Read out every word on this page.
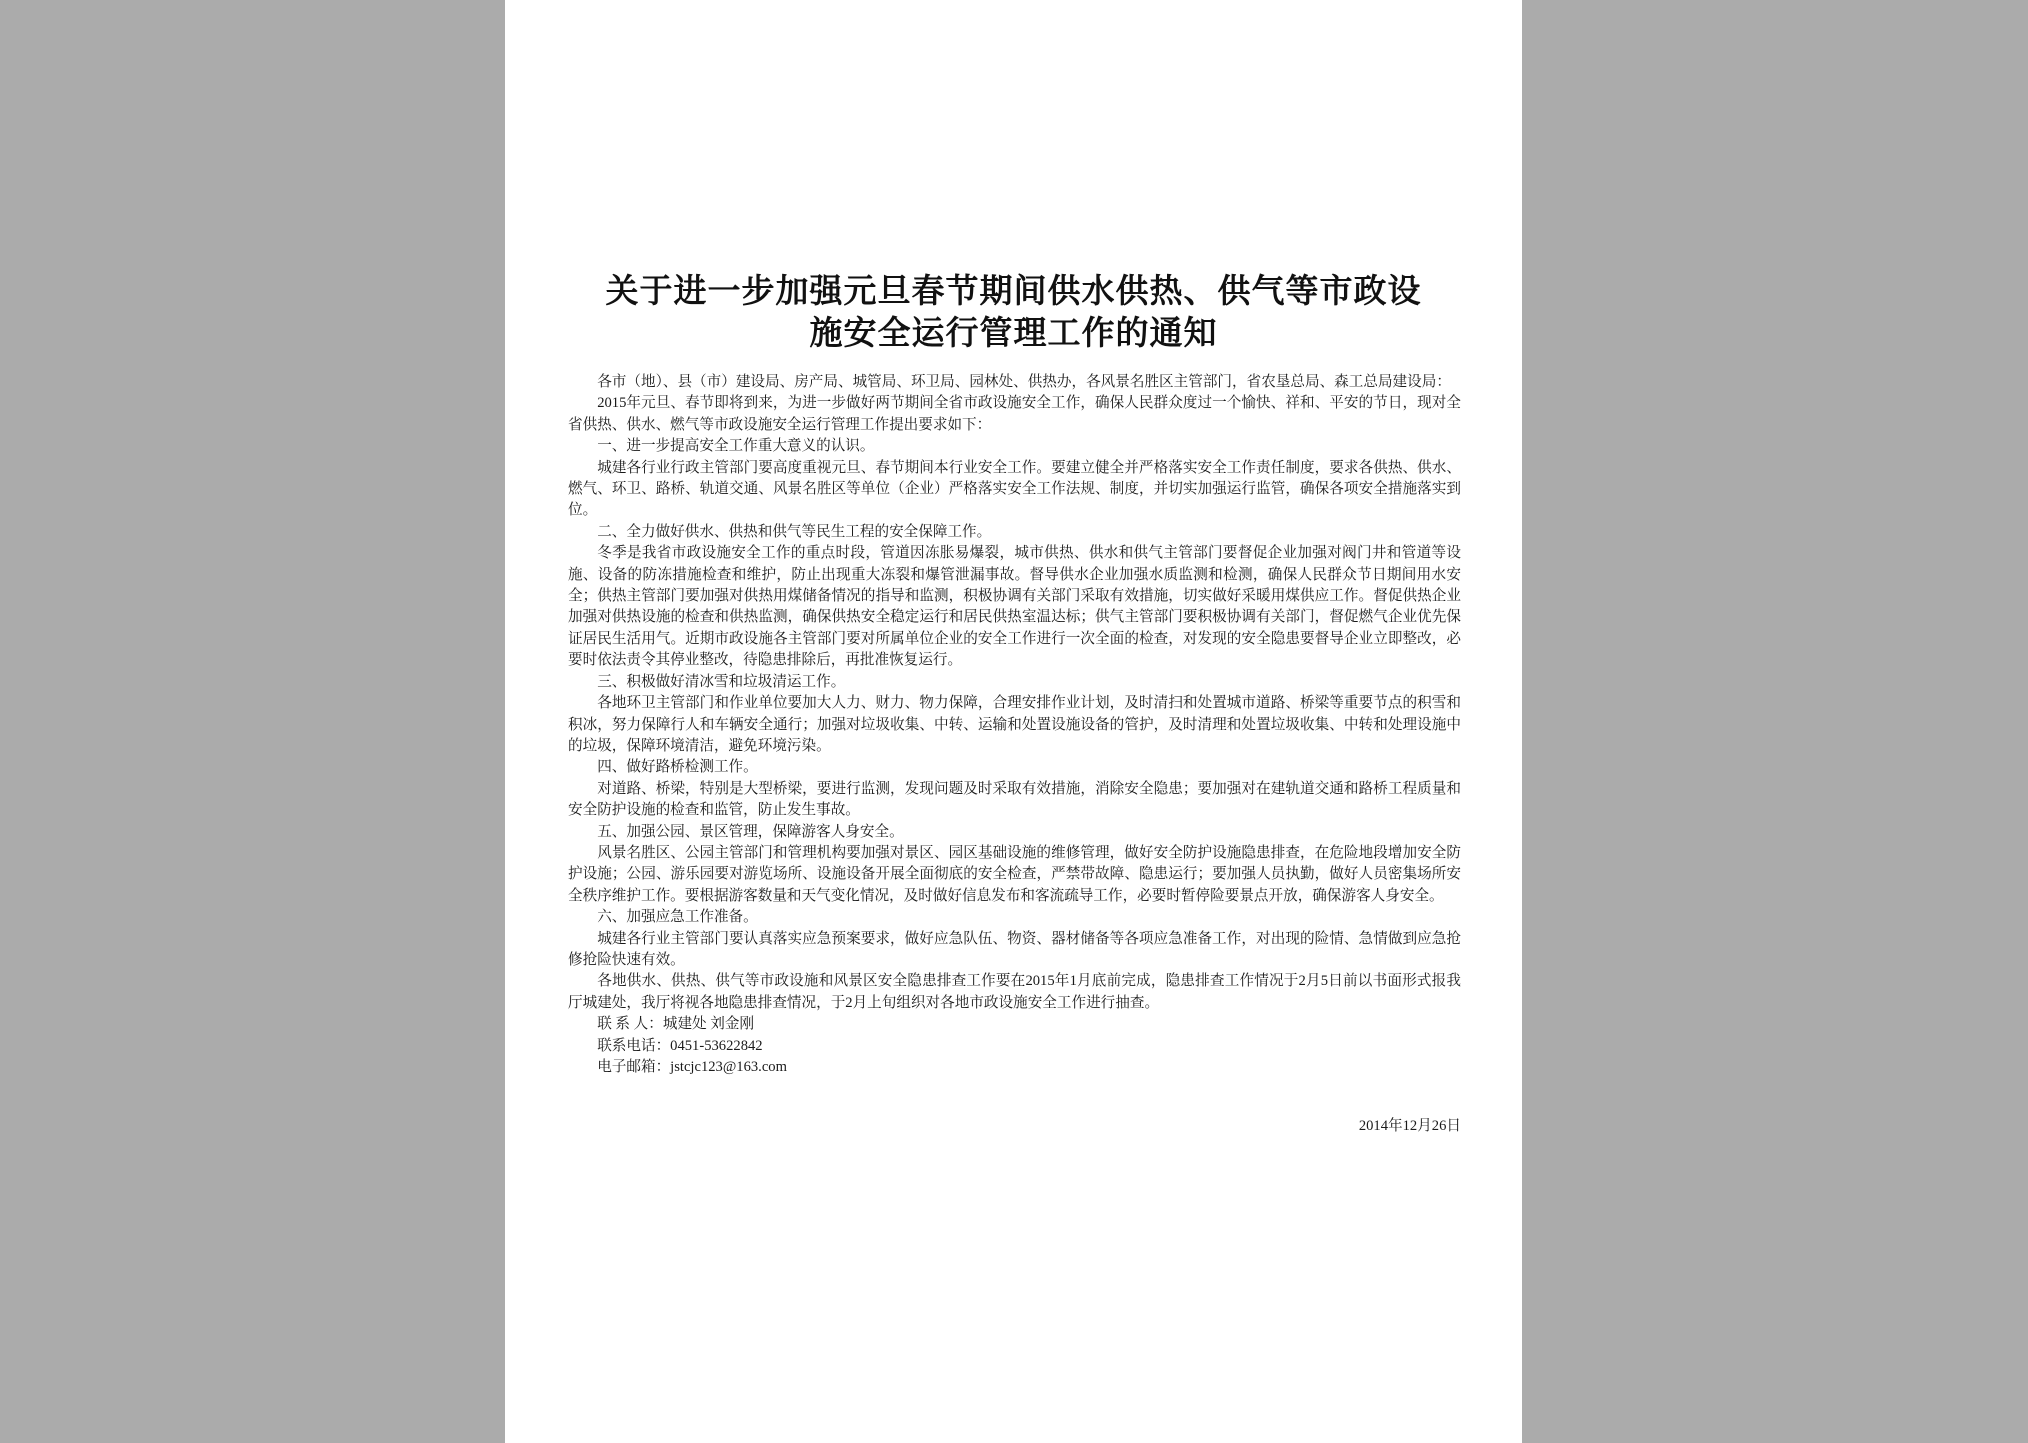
关于进一步加强元旦春节期间供水供热、供气等市政设
施安全运行管理工作的通知

各市（地）、县（市）建设局、房产局、城管局、环卫局、园林处、供热办，各风景名胜区主管部门，省农垦总局、森工总局建设局：

2015年元旦、春节即将到来，为进一步做好两节期间全省市政设施安全工作，确保人民群众度过一个愉快、祥和、平安的节日，现对全省供热、供水、燃气等市政设施安全运行管理工作提出要求如下：

一、进一步提高安全工作重大意义的认识。

城建各行业行政主管部门要高度重视元旦、春节期间本行业安全工作。要建立健全并严格落实安全工作责任制度，要求各供热、供水、燃气、环卫、路桥、轨道交通、风景名胜区等单位（企业）严格落实安全工作法规、制度，并切实加强运行监管，确保各项安全措施落实到位。

二、全力做好供水、供热和供气等民生工程的安全保障工作。

冬季是我省市政设施安全工作的重点时段，管道因冻胀易爆裂，城市供热、供水和供气主管部门要督促企业加强对阀门井和管道等设施、设备的防冻措施检查和维护，防止出现重大冻裂和爆管泄漏事故。督导供水企业加强水质监测和检测，确保人民群众节日期间用水安全；供热主管部门要加强对供热用煤储备情况的指导和监测，积极协调有关部门采取有效措施，切实做好采暖用煤供应工作。督促供热企业加强对供热设施的检查和供热监测，确保供热安全稳定运行和居民供热室温达标；供气主管部门要积极协调有关部门，督促燃气企业优先保证居民生活用气。近期市政设施各主管部门要对所属单位企业的安全工作进行一次全面的检查，对发现的安全隐患要督导企业立即整改，必要时依法责令其停业整改，待隐患排除后，再批准恢复运行。

三、积极做好清冰雪和垃圾清运工作。

各地环卫主管部门和作业单位要加大人力、财力、物力保障，合理安排作业计划，及时清扫和处置城市道路、桥梁等重要节点的积雪和积冰，努力保障行人和车辆安全通行；加强对垃圾收集、中转、运输和处置设施设备的管护，及时清理和处置垃圾收集、中转和处理设施中的垃圾，保障环境清洁，避免环境污染。

四、做好路桥检测工作。

对道路、桥梁，特别是大型桥梁，要进行监测，发现问题及时采取有效措施，消除安全隐患；要加强对在建轨道交通和路桥工程质量和安全防护设施的检查和监管，防止发生事故。

五、加强公园、景区管理，保障游客人身安全。

风景名胜区、公园主管部门和管理机构要加强对景区、园区基础设施的维修管理，做好安全防护设施隐患排查，在危险地段增加安全防护设施；公园、游乐园要对游览场所、设施设备开展全面彻底的安全检查，严禁带故障、隐患运行；要加强人员执勤，做好人员密集场所安全秩序维护工作。要根据游客数量和天气变化情况，及时做好信息发布和客流疏导工作，必要时暂停险要景点开放，确保游客人身安全。

六、加强应急工作准备。

城建各行业主管部门要认真落实应急预案要求，做好应急队伍、物资、器材储备等各项应急准备工作，对出现的险情、急情做到应急抢修抢险快速有效。

各地供水、供热、供气等市政设施和风景区安全隐患排查工作要在2015年1月底前完成，隐患排查工作情况于2月5日前以书面形式报我厅城建处，我厅将视各地隐患排查情况，于2月上旬组织对各地市政设施安全工作进行抽查。

联 系 人：城建处 刘金刚

联系电话：0451-53622842

电子邮箱：jstcjc123@163.com

2014年12月26日
